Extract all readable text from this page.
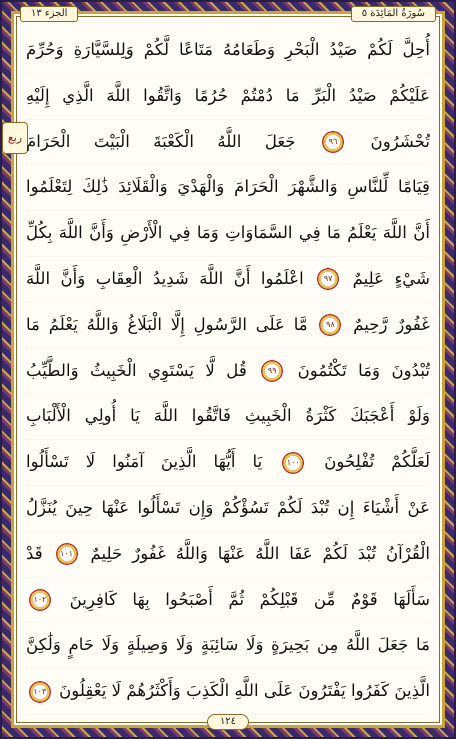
الجزء ١٣	سُورَةُ المَائِدَة ٥
ربع
أُحِلَّ لَكُمْ صَيْدُ الْبَحْرِ وَطَعَامُهُ مَتَاعًا لَّكُمْ وَلِلسَّيَّارَةِ وَحُرِّمَ
عَلَيْكُمْ صَيْدُ الْبَرِّ مَا دُمْتُمْ حُرُمًا وَاتَّقُوا اللَّهَ الَّذِي إِلَيْهِ
تُحْشَرُونَ ٩٦ جَعَلَ اللَّهُ الْكَعْبَةَ الْبَيْتَ الْحَرَامَ
قِيَامًا لِّلنَّاسِ وَالشَّهْرَ الْحَرَامَ وَالْهَدْيَ وَالْقَلَائِدَ ذَٰلِكَ لِتَعْلَمُوا
أَنَّ اللَّهَ يَعْلَمُ مَا فِي السَّمَاوَاتِ وَمَا فِي الْأَرْضِ وَأَنَّ اللَّهَ بِكُلِّ
شَيْءٍ عَلِيمٌ ٩٧ اعْلَمُوا أَنَّ اللَّهَ شَدِيدُ الْعِقَابِ وَأَنَّ اللَّهَ
غَفُورٌ رَّحِيمٌ ٩٨ مَّا عَلَى الرَّسُولِ إِلَّا الْبَلَاغُ وَاللَّهُ يَعْلَمُ مَا
تُبْدُونَ وَمَا تَكْتُمُونَ ٩٩ قُل لَّا يَسْتَوِي الْخَبِيثُ وَالطَّيِّبُ
وَلَوْ أَعْجَبَكَ كَثْرَةُ الْخَبِيثِ فَاتَّقُوا اللَّهَ يَا أُولِي الْأَلْبَابِ
لَعَلَّكُمْ تُفْلِحُونَ ١٠٠ يَا أَيُّهَا الَّذِينَ آمَنُوا لَا تَسْأَلُوا
عَنْ أَشْيَاءَ إِن تُبْدَ لَكُمْ تَسُؤْكُمْ وَإِن تَسْأَلُوا عَنْهَا حِينَ يُنَزَّلُ
الْقُرْآنُ تُبْدَ لَكُمْ عَفَا اللَّهُ عَنْهَا وَاللَّهُ غَفُورٌ حَلِيمٌ ١٠١ قَدْ
سَأَلَهَا قَوْمٌ مِّن قَبْلِكُمْ ثُمَّ أَصْبَحُوا بِهَا كَافِرِينَ ١٠٢
مَا جَعَلَ اللَّهُ مِن بَحِيرَةٍ وَلَا سَائِبَةٍ وَلَا وَصِيلَةٍ وَلَا حَامٍ وَلَٰكِنَّ
الَّذِينَ كَفَرُوا يَفْتَرُونَ عَلَى اللَّهِ الْكَذِبَ وَأَكْثَرُهُمْ لَا يَعْقِلُونَ ١٠٣
١٢٤
